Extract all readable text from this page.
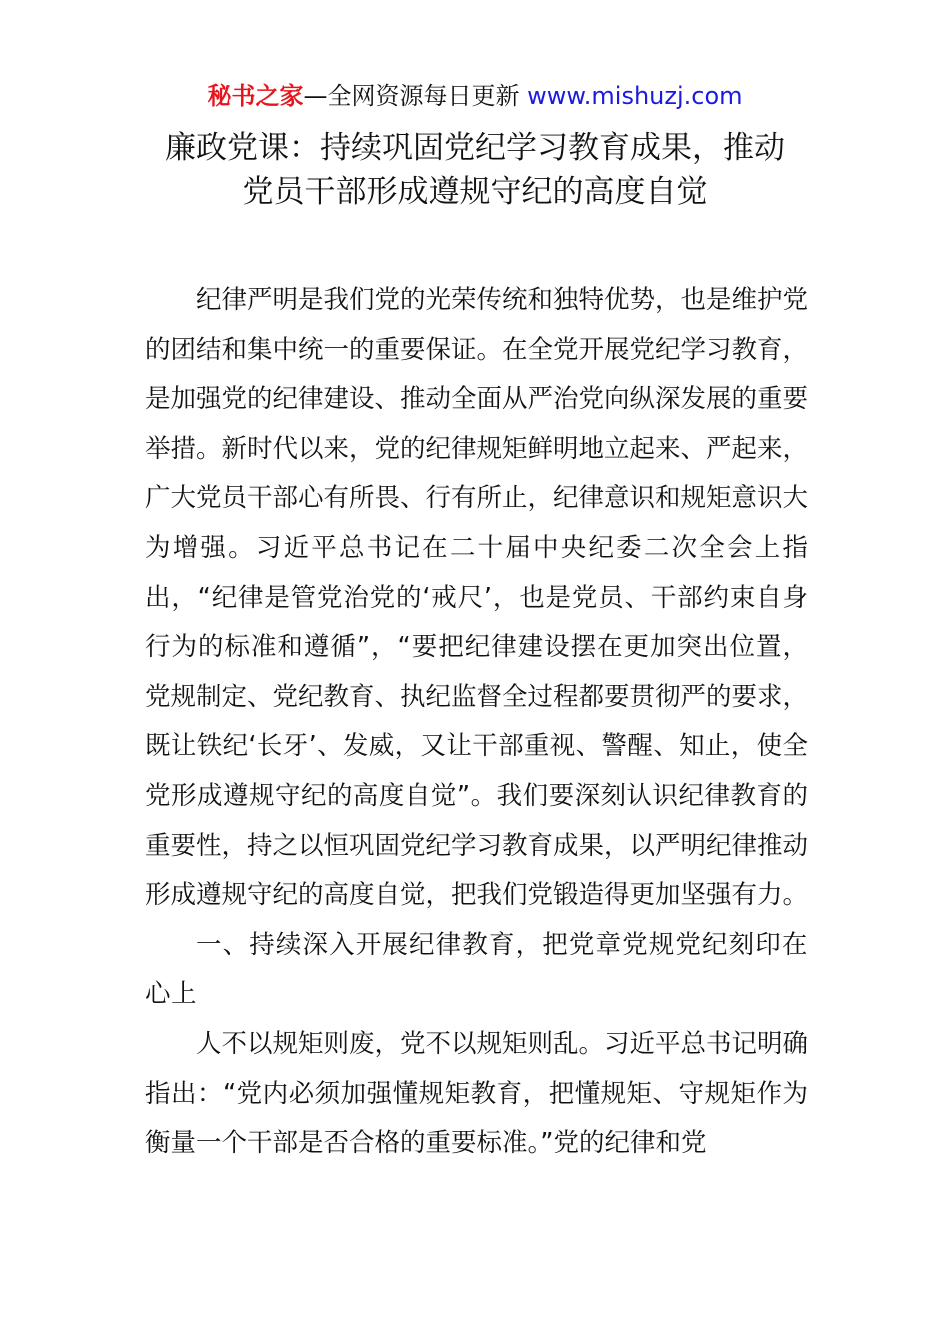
秘书之家—全网资源每日更新 www.mishuzj.com
廉政党课：持续巩固党纪学习教育成果，推动
党员干部形成遵规守纪的高度自觉

纪律严明是我们党的光荣传统和独特优势，也是维护党的团结和集中统一的重要保证。在全党开展党纪学习教育，是加强党的纪律建设、推动全面从严治党向纵深发展的重要举措。新时代以来，党的纪律规矩鲜明地立起来、严起来，广大党员干部心有所畏、行有所止，纪律意识和规矩意识大为增强。习近平总书记在二十届中央纪委二次全会上指出，“纪律是管党治党的‘戒尺’，也是党员、干部约束自身行为的标准和遵循”，“要把纪律建设摆在更加突出位置，党规制定、党纪教育、执纪监督全过程都要贯彻严的要求，既让铁纪‘长牙’、发威，又让干部重视、警醒、知止，使全党形成遵规守纪的高度自觉”。我们要深刻认识纪律教育的重要性，持之以恒巩固党纪学习教育成果，以严明纪律推动形成遵规守纪的高度自觉，把我们党锻造得更加坚强有力。

一、持续深入开展纪律教育，把党章党规党纪刻印在心上

人不以规矩则废，党不以规矩则乱。习近平总书记明确指出：“党内必须加强懂规矩教育，把懂规矩、守规矩作为衡量一个干部是否合格的重要标准。”党的纪律和党
